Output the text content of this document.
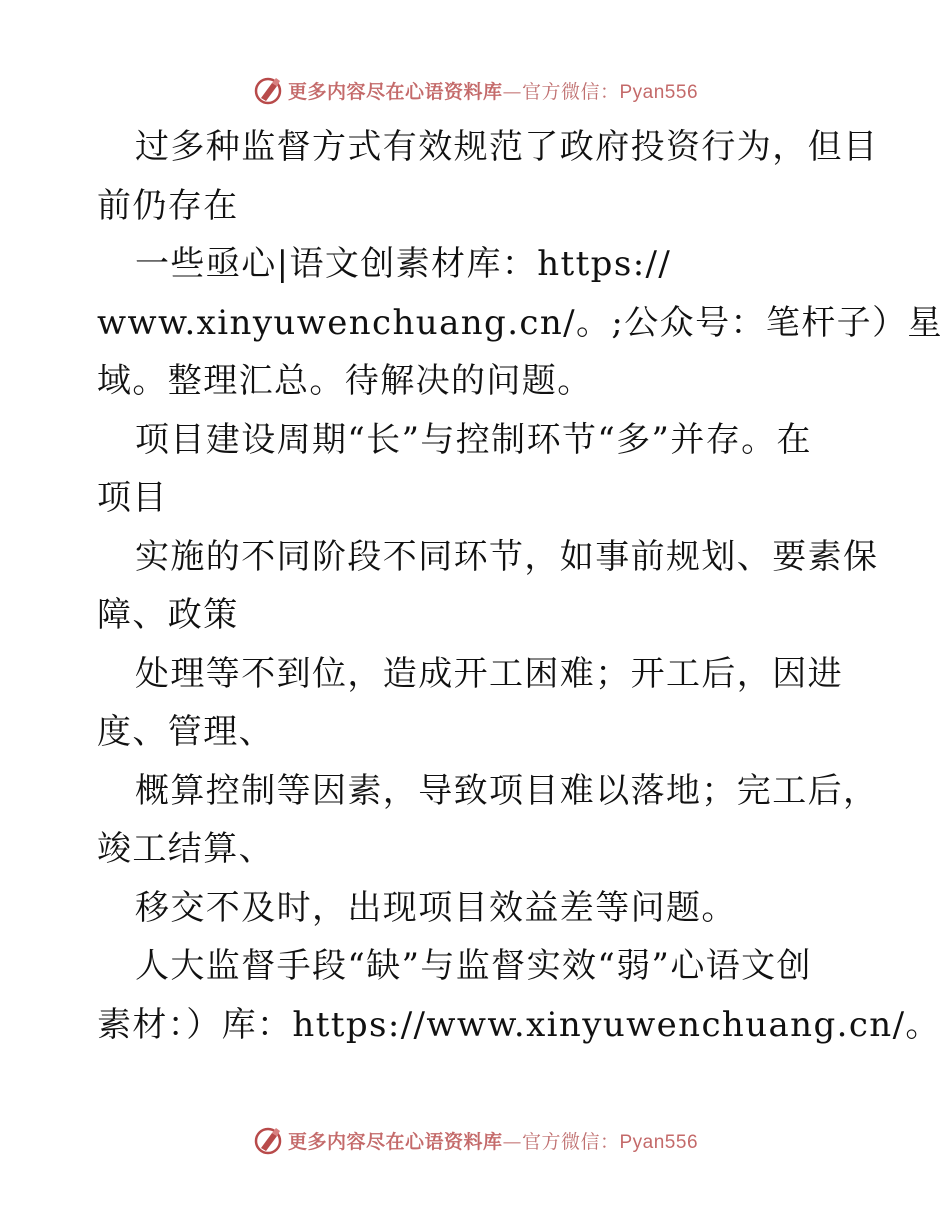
更多内容尽在心语资料库—官方微信：Pyan556
过多种监督方式有效规范了政府投资行为，但目
前仍存在
一些亟心|语文创素材库：https://
www.xinyuwenchuang.cn/。;公众号：笔杆子）星
域。整理汇总。待解决的问题。
项目建设周期“长”与控制环节“多”并存。在
项目
实施的不同阶段不同环节，如事前规划、要素保
障、政策
处理等不到位，造成开工困难；开工后，因进
度、管理、
概算控制等因素，导致项目难以落地；完工后，
竣工结算、
移交不及时，出现项目效益差等问题。
人大监督手段“缺”与监督实效“弱”心语文创
素材：）库：https://www.xinyuwenchuang.cn/。
更多内容尽在心语资料库—官方微信：Pyan556
